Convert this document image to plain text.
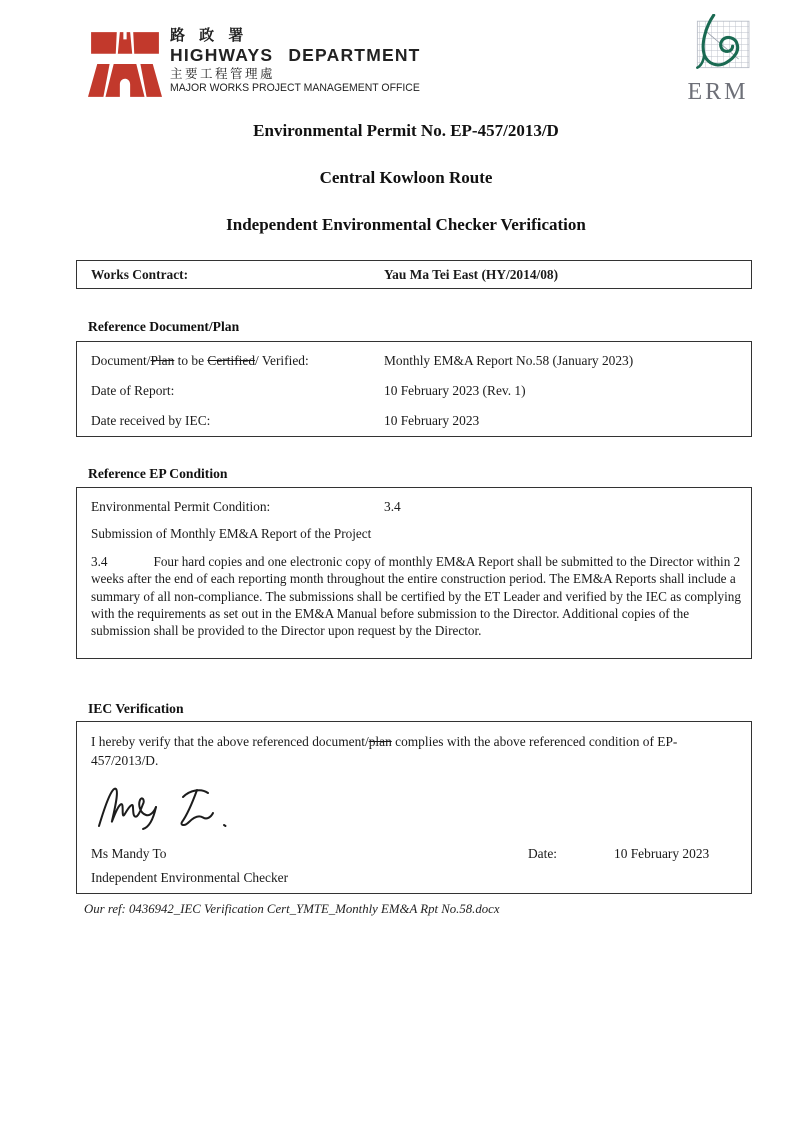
路 政 署
HIGHWAYS DEPARTMENT
主要工程管理處
MAJOR WORKS PROJECT MANAGEMENT OFFICE	ERM
Environmental Permit No. EP-457/2013/D
Central Kowloon Route
Independent Environmental Checker Verification
Works Contract:	Yau Ma Tei East (HY/2014/08)
Reference Document/Plan
Document/Plan to be Certified/ Verified:	Monthly EM&A Report No.58 (January 2023)
Date of Report:	10 February 2023 (Rev. 1)
Date received by IEC:	10 February 2023
Reference EP Condition
Environmental Permit Condition:	3.4
Submission of Monthly EM&A Report of the Project
3.4	Four hard copies and one electronic copy of monthly EM&A Report shall be submitted to the Director within 2 weeks after the end of each reporting month throughout the entire construction period. The EM&A Reports shall include a summary of all non-compliance. The submissions shall be certified by the ET Leader and verified by the IEC as complying with the requirements as set out in the EM&A Manual before submission to the Director. Additional copies of the submission shall be provided to the Director upon request by the Director.
IEC Verification
I hereby verify that the above referenced document/plan complies with the above referenced condition of EP-457/2013/D.
Ms Mandy To	Date:	10 February 2023
Independent Environmental Checker
Our ref: 0436942_IEC Verification Cert_YMTE_Monthly EM&A Rpt No.58.docx
